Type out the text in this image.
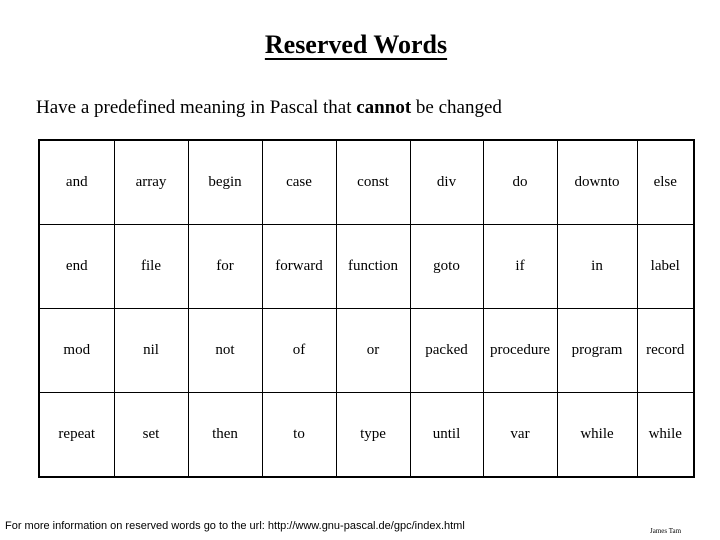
Reserved Words
Have a predefined meaning in Pascal that cannot be changed
and	array	begin	case	const	div	do	downto	else
end	file	for	forward	function	goto	if	in	label
mod	nil	not	of	or	packed	procedure	program	record
repeat	set	then	to	type	until	var	while	while
For more information on reserved words go to the url: http://www.gnu-pascal.de/gpc/index.html	James Tam
